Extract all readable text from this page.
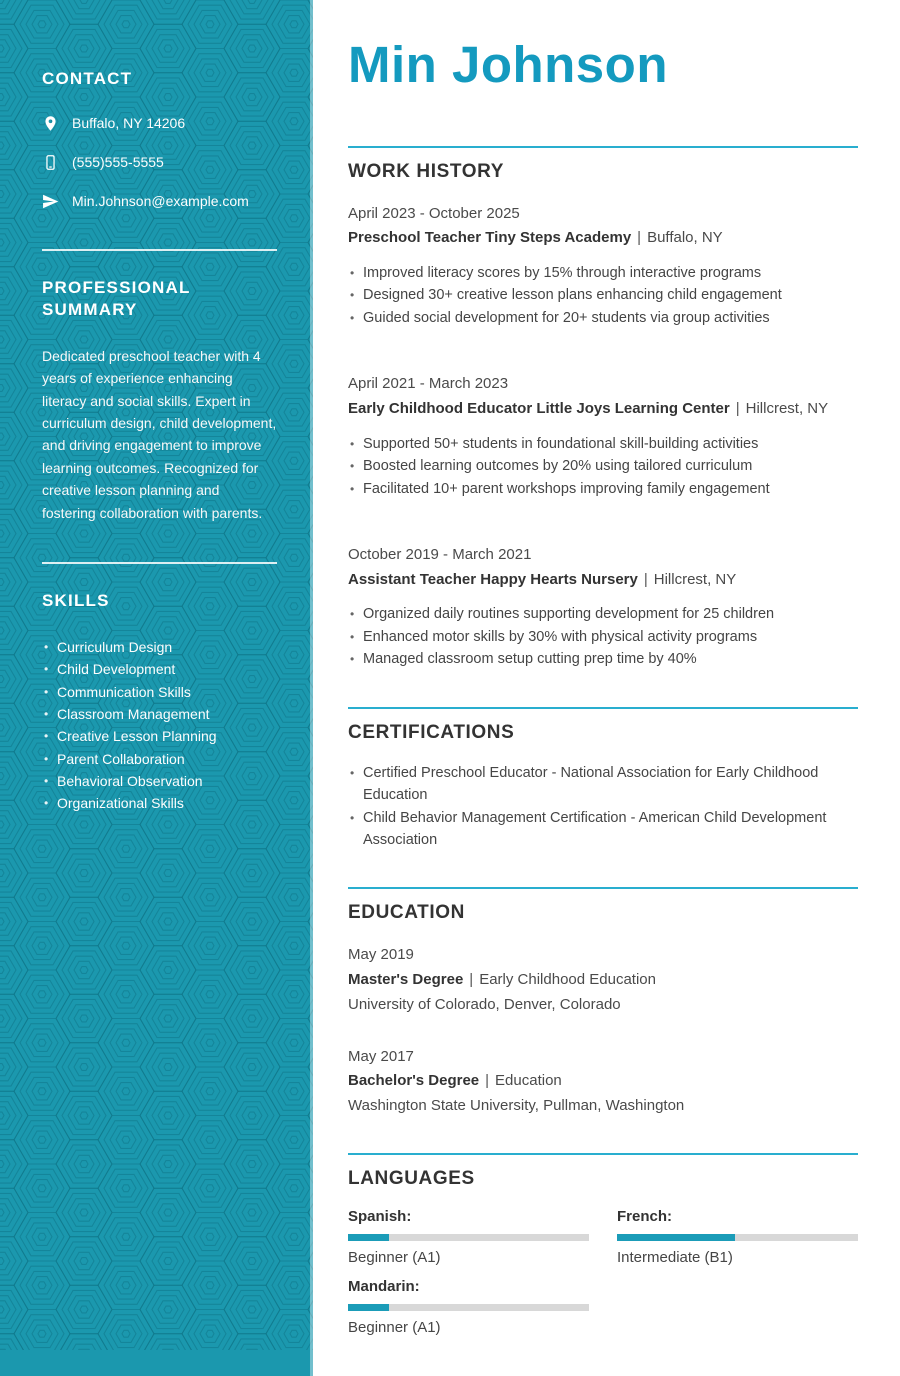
CONTACT
Buffalo, NY 14206
(555)555-5555
Min.Johnson@example.com
PROFESSIONAL SUMMARY

Dedicated preschool teacher with 4 years of experience enhancing literacy and social skills. Expert in curriculum design, child development, and driving engagement to improve learning outcomes. Recognized for creative lesson planning and fostering collaboration with parents.

SKILLS
• Curriculum Design
• Child Development
• Communication Skills
• Classroom Management
• Creative Lesson Planning
• Parent Collaboration
• Behavioral Observation
• Organizational Skills
Min Johnson
WORK HISTORY
April 2023 - October 2025
Preschool Teacher Tiny Steps Academy | Buffalo, NY
• Improved literacy scores by 15% through interactive programs
• Designed 30+ creative lesson plans enhancing child engagement
• Guided social development for 20+ students via group activities
April 2021 - March 2023
Early Childhood Educator Little Joys Learning Center | Hillcrest, NY
• Supported 50+ students in foundational skill-building activities
• Boosted learning outcomes by 20% using tailored curriculum
• Facilitated 10+ parent workshops improving family engagement
October 2019 - March 2021
Assistant Teacher Happy Hearts Nursery | Hillcrest, NY
• Organized daily routines supporting development for 25 children
• Enhanced motor skills by 30% with physical activity programs
• Managed classroom setup cutting prep time by 40%
CERTIFICATIONS
• Certified Preschool Educator - National Association for Early Childhood Education
• Child Behavior Management Certification - American Child Development Association
EDUCATION
May 2019
Master's Degree | Early Childhood Education
University of Colorado, Denver, Colorado
May 2017
Bachelor's Degree | Education
Washington State University, Pullman, Washington
LANGUAGES
Spanish:
Beginner (A1)
French:
Intermediate (B1)
Mandarin:
Beginner (A1)
